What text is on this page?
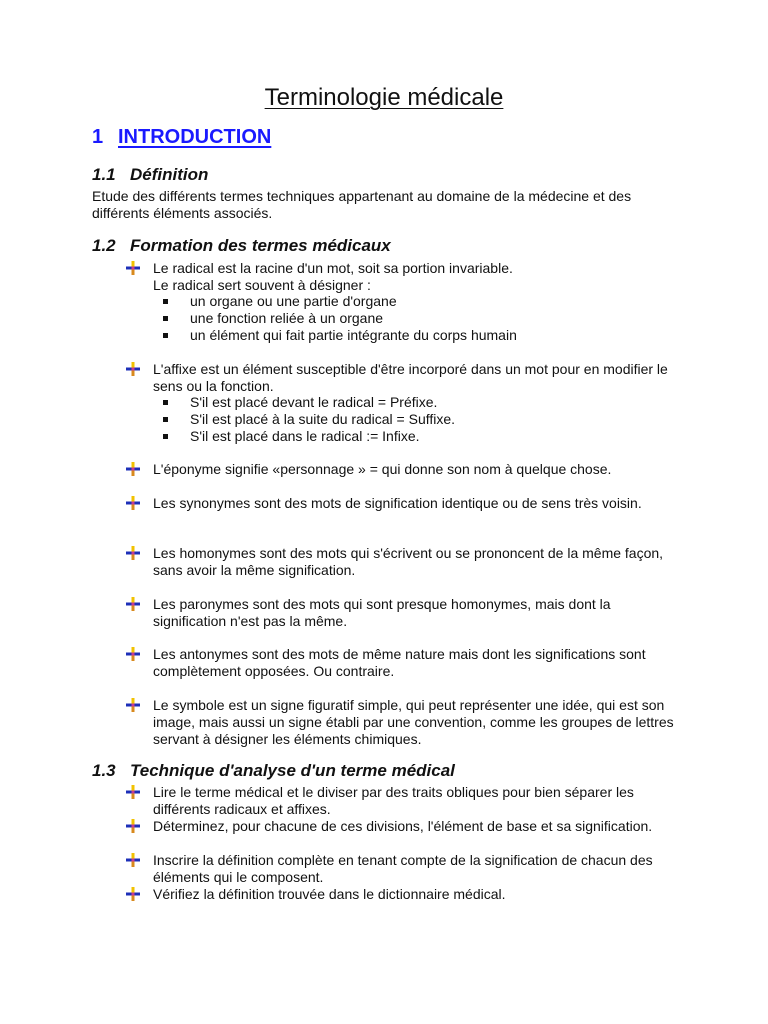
Terminologie médicale
1 INTRODUCTION
1.1 Définition

Etude des différents termes techniques appartenant au domaine de la médecine et des différents éléments associés.

1.2 Formation des termes médicaux

Le radical est la racine d'un mot, soit sa portion invariable.

Le radical sert souvent à désigner :

un organe ou une partie d'organe
une fonction reliée à un organe
un élément qui fait partie intégrante du corps humain

L'affixe est un élément susceptible d'être incorporé dans un mot pour en modifier le sens ou la fonction.

S'il est placé devant le radical = Préfixe.
S'il est placé à la suite du radical = Suffixe.
S'il est placé dans le radical := Infixe.

L'éponyme signifie «personnage » = qui donne son nom à quelque chose.

Les synonymes sont des mots de signification identique ou de sens très voisin.

Les homonymes sont des mots qui s'écrivent ou se prononcent de la même façon, sans avoir la même signification.

Les paronymes sont des mots qui sont presque homonymes, mais dont la signification n'est pas la même.

Les antonymes sont des mots de même nature mais dont les significations sont complètement opposées. Ou contraire.

Le symbole est un signe figuratif simple, qui peut représenter une idée, qui est son image, mais aussi un signe établi par une convention, comme les groupes de lettres servant à désigner les éléments chimiques.

1.3 Technique d'analyse d'un terme médical

Lire le terme médical et le diviser par des traits obliques pour bien séparer les différents radicaux et affixes.

Déterminez, pour chacune de ces divisions, l'élément de base et sa signification.

Inscrire la définition complète en tenant compte de la signification de chacun des éléments qui le composent.

Vérifiez la définition trouvée dans le dictionnaire médical.
